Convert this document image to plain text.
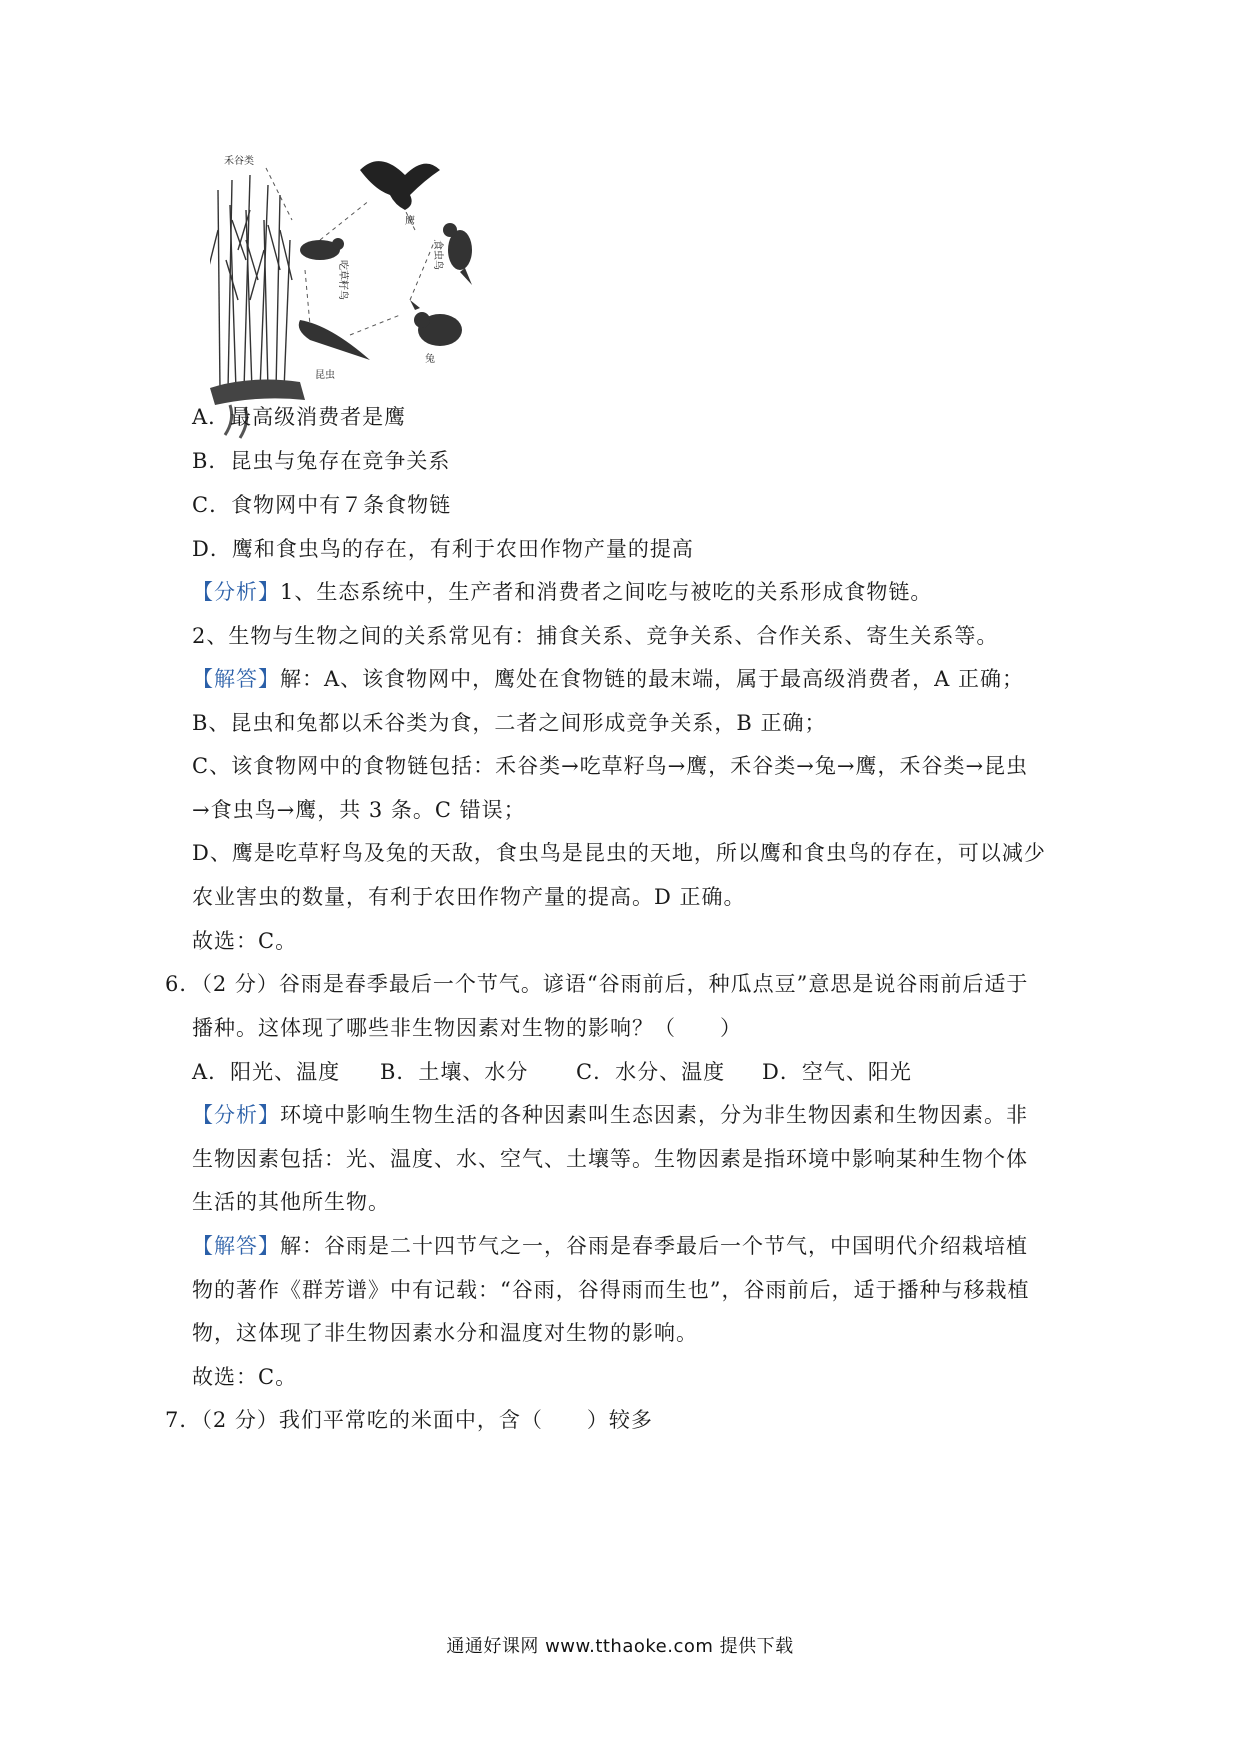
禾谷类
鹰
吃草籽鸟
食虫鸟
昆虫
兔
A．最高级消费者是鹰
B．昆虫与兔存在竞争关系
C．食物网中有７条食物链
D．鹰和食虫鸟的存在，有利于农田作物产量的提高
【分析】1、生态系统中，生产者和消费者之间吃与被吃的关系形成食物链。
2、生物与生物之间的关系常见有：捕食关系、竞争关系、合作关系、寄生关系等。
【解答】解：A、该食物网中，鹰处在食物链的最末端，属于最高级消费者，A 正确；
B、昆虫和兔都以禾谷类为食，二者之间形成竞争关系，B 正确；
C、该食物网中的食物链包括：禾谷类→吃草籽鸟→鹰，禾谷类→兔→鹰，禾谷类→昆虫
→食虫鸟→鹰，共 3 条。C 错误；
D、鹰是吃草籽鸟及兔的天敌，食虫鸟是昆虫的天地，所以鹰和食虫鸟的存在，可以减少
农业害虫的数量，有利于农田作物产量的提高。D 正确。
故选：C。
6．（2 分）谷雨是春季最后一个节气。谚语“谷雨前后，种瓜点豆”意思是说谷雨前后适于
播种。这体现了哪些非生物因素对生物的影响？（　　）
A．阳光、温度 B．土壤、水分 C．水分、温度 D．空气、阳光
【分析】环境中影响生物生活的各种因素叫生态因素，分为非生物因素和生物因素。非
生物因素包括：光、温度、水、空气、土壤等。生物因素是指环境中影响某种生物个体
生活的其他所生物。
【解答】解：谷雨是二十四节气之一，谷雨是春季最后一个节气，中国明代介绍栽培植
物的著作《群芳谱》中有记载：“谷雨，谷得雨而生也”，谷雨前后，适于播种与移栽植
物，这体现了非生物因素水分和温度对生物的影响。
故选：C。
7．（2 分）我们平常吃的米面中，含（　　）较多
通通好课网 www.tthaoke.com 提供下载
